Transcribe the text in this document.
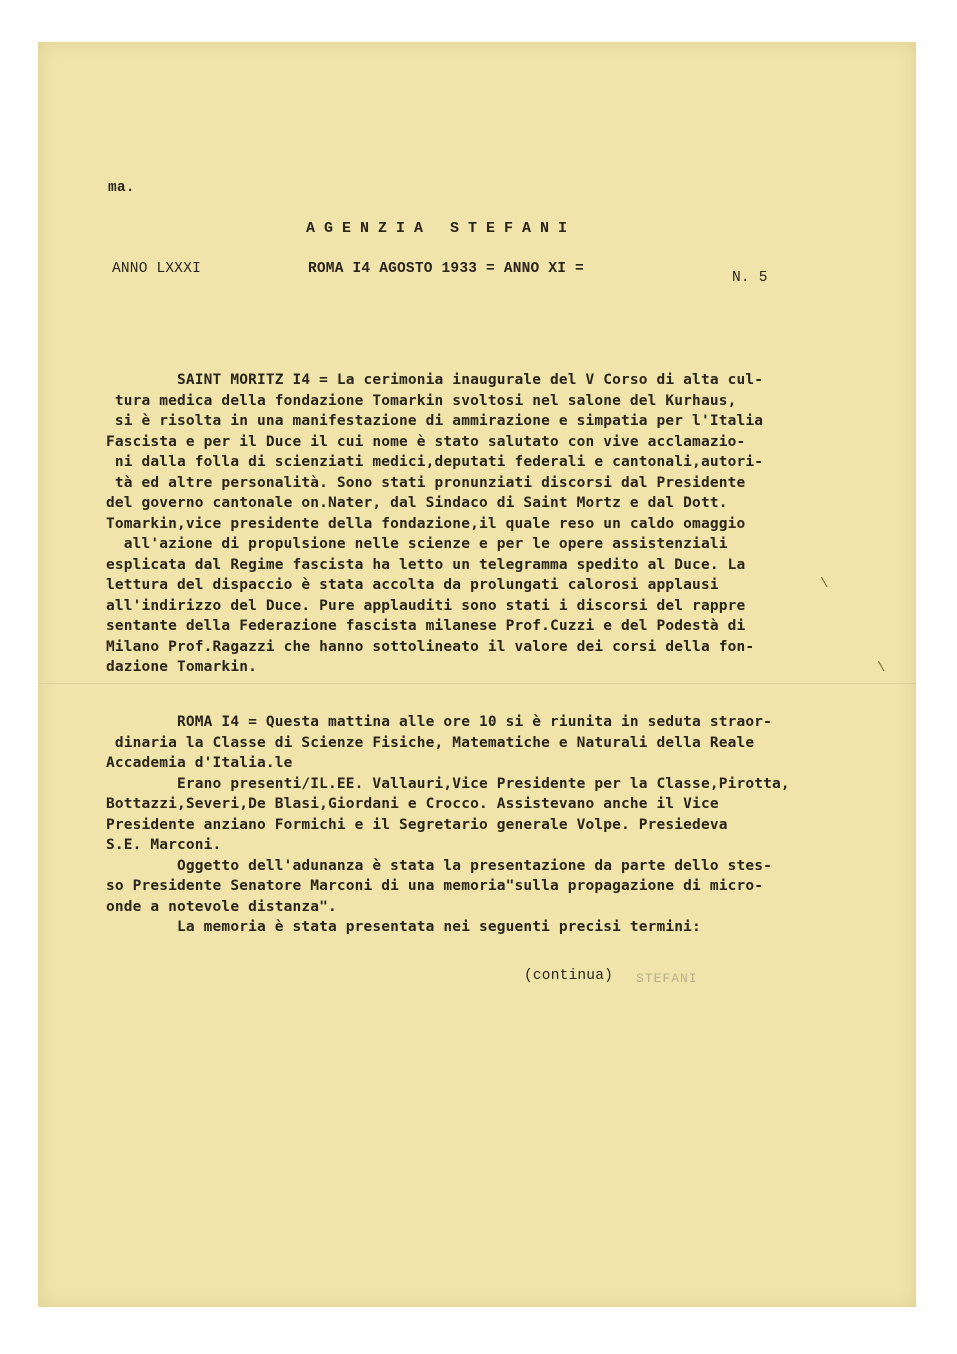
\
\
ma.
AGENZIA STEFANI
ANNO LXXXI	ROMA I4 AGOSTO 1933 = ANNO XI =
N. 5
SAINT MORITZ I4 = La cerimonia inaugurale del V Corso di alta cul-
tura medica della fondazione Tomarkin svoltosi nel salone del Kurhaus,
si è risolta in una manifestazione di ammirazione e simpatia per l'Italia
Fascista e per il Duce il cui nome è stato salutato con vive acclamazio-
ni dalla folla di scienziati medici,deputati federali e cantonali,autori-
tà ed altre personalità. Sono stati pronunziati discorsi dal Presidente
del governo cantonale on.Nater, dal Sindaco di Saint Mortz e dal Dott.
Tomarkin,vice presidente della fondazione,il quale reso un caldo omaggio
all'azione di propulsione nelle scienze e per le opere assistenziali
esplicata dal Regime fascista ha letto un telegramma spedito al Duce. La
lettura del dispaccio è stata accolta da prolungati calorosi applausi
all'indirizzo del Duce. Pure applauditi sono stati i discorsi del rappre
sentante della Federazione fascista milanese Prof.Cuzzi e del Podestà di
Milano Prof.Ragazzi che hanno sottolineato il valore dei corsi della fon-
dazione Tomarkin.
ROMA I4 = Questa mattina alle ore 10 si è riunita in seduta straor-
dinaria la Classe di Scienze Fisiche, Matematiche e Naturali della Reale
Accademia d'Italia.le
Erano presenti/IL.EE. Vallauri,Vice Presidente per la Classe,Pirotta,
Bottazzi,Severi,De Blasi,Giordani e Crocco. Assistevano anche il Vice
Presidente anziano Formichi e il Segretario generale Volpe. Presiedeva
S.E. Marconi.
Oggetto dell'adunanza è stata la presentazione da parte dello stes-
so Presidente Senatore Marconi di una memoria"sulla propagazione di micro-
onde a notevole distanza".
La memoria è stata presentata nei seguenti precisi termini:
(continua) STEFANI
